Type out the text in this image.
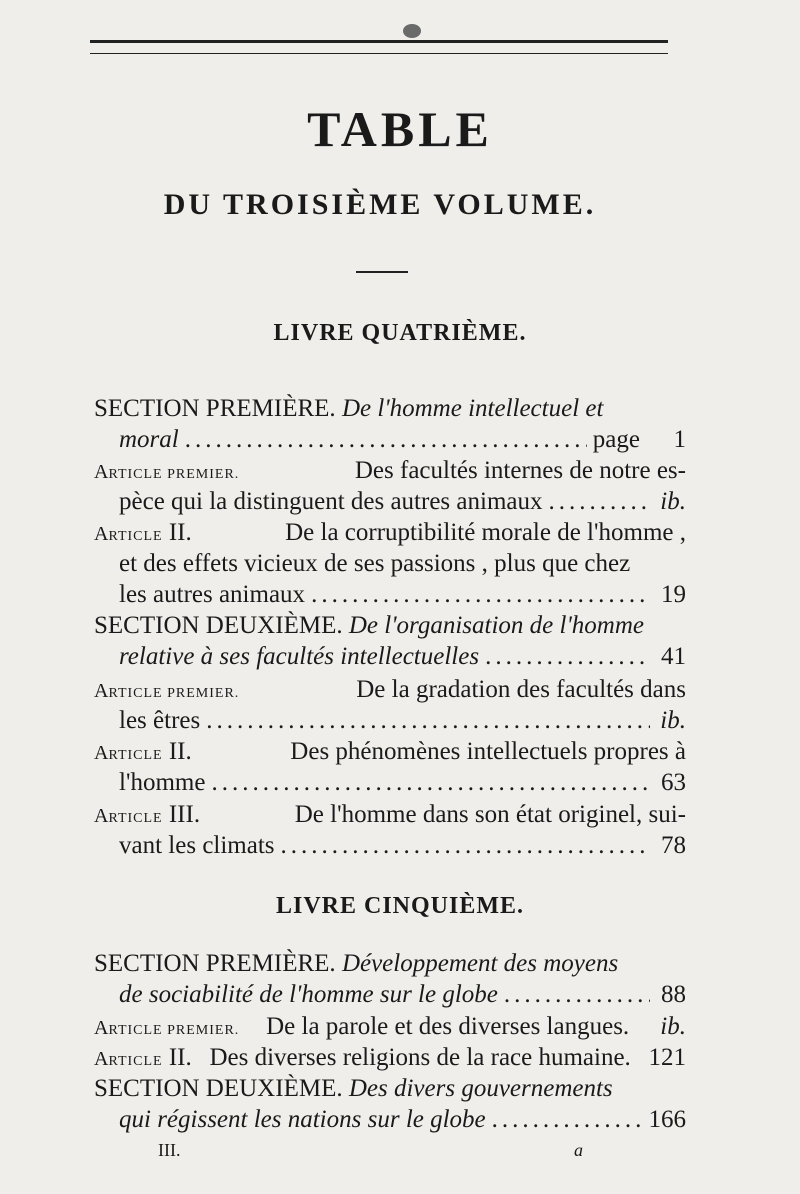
TABLE
DU TROISIÈME VOLUME.
LIVRE QUATRIÈME.
SECTION PREMIÈRE.
De l'homme intellectuel et
moral .....	page	1
ARTICLE PREMIER.	Des facultés internes de notre es-
pèce qui la distinguent des autres animaux .....	ib.
ARTICLE II.	De la corruptibilité morale de l'homme ,
et des effets vicieux de ses passions , plus que chez
les autres animaux .....	19
SECTION DEUXIÈME.
De l'organisation de l'homme
relative à ses facultés intellectuelles .....	41
ARTICLE PREMIER.	De la gradation des facultés dans
les êtres .....	ib.
ARTICLE II.	Des phénomènes intellectuels propres à
l'homme .....	63
ARTICLE III.	De l'homme dans son état originel, sui-
vant les climats .....	78
LIVRE CINQUIÈME.
SECTION PREMIÈRE.
Développement des moyens
de sociabilité de l'homme sur le globe .....	88
ARTICLE PREMIER. De la parole et des diverses langues. ib.
ARTICLE II. Des diverses religions de la race humaine. 121
SECTION DEUXIÈME.
Des divers gouvernements
qui régissent les nations sur le globe .....	166
III.	a
